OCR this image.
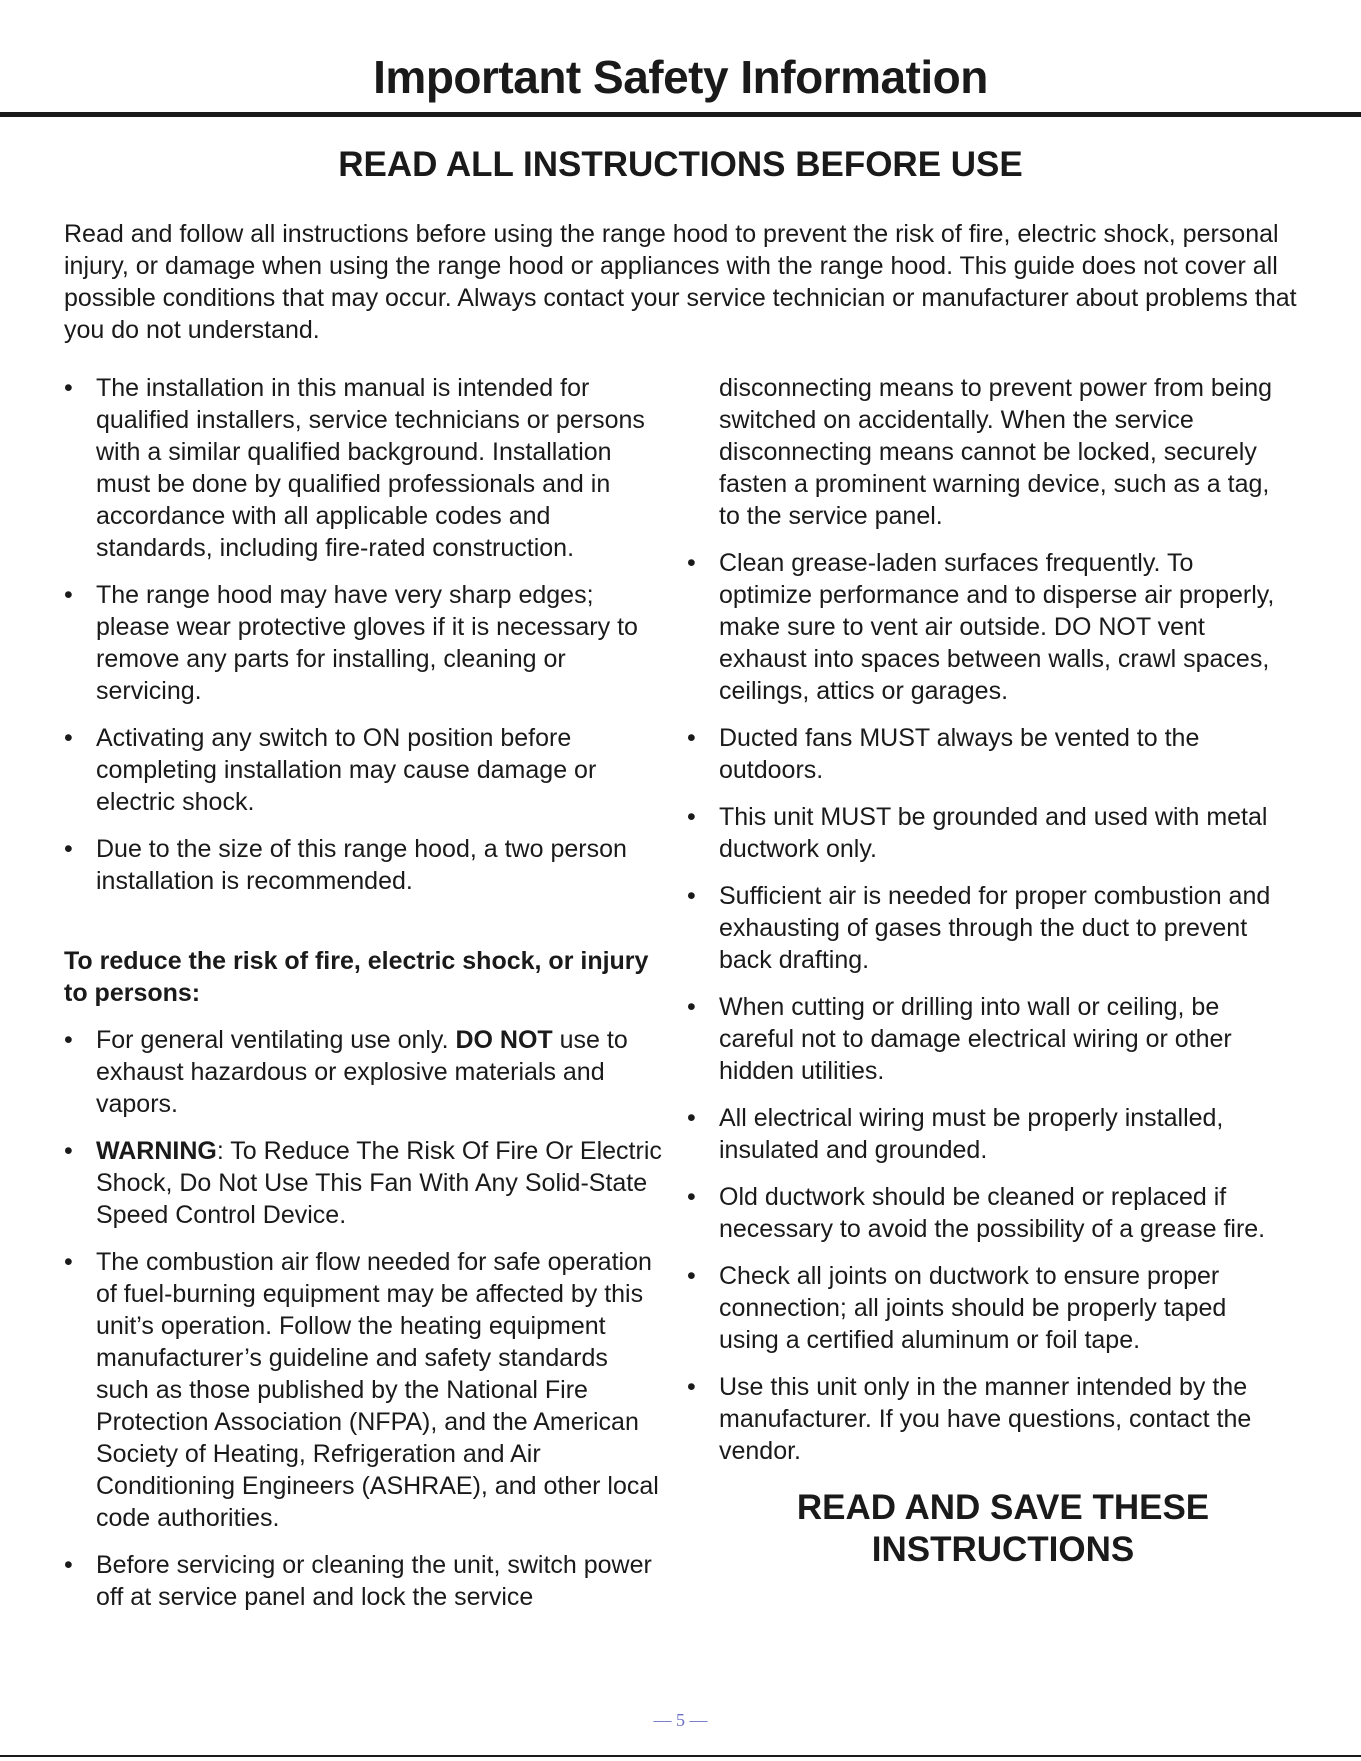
Important Safety Information
READ ALL INSTRUCTIONS BEFORE USE

Read and follow all instructions before using the range hood to prevent the risk of fire, electric shock, personal injury, or damage when using the range hood or appliances with the range hood. This guide does not cover all possible conditions that may occur. Always contact your service technician or manufacturer about problems that you do not understand.

• The installation in this manual is intended for qualified installers, service technicians or persons with a similar qualified background. Installation must be done by qualified professionals and in accordance with all applicable codes and standards, including fire-rated construction.
• The range hood may have very sharp edges; please wear protective gloves if it is necessary to remove any parts for installing, cleaning or servicing.
• Activating any switch to ON position before completing installation may cause damage or electric shock.
• Due to the size of this range hood, a two person installation is recommended.

To reduce the risk of fire, electric shock, or injury to persons:

• For general ventilating use only. DO NOT use to exhaust hazardous or explosive materials and vapors.
• WARNING: To Reduce The Risk Of Fire Or Electric Shock, Do Not Use This Fan With Any Solid-State Speed Control Device.
• The combustion air flow needed for safe operation of fuel-burning equipment may be affected by this unit’s operation. Follow the heating equipment manufacturer’s guideline and safety standards such as those published by the National Fire Protection Association (NFPA), and the American Society of Heating, Refrigeration and Air Conditioning Engineers (ASHRAE), and other local code authorities.
• Before servicing or cleaning the unit, switch power off at service panel and lock the service
disconnecting means to prevent power from being switched on accidentally. When the service disconnecting means cannot be locked, securely fasten a prominent warning device, such as a tag, to the service panel.
• Clean grease-laden surfaces frequently. To optimize performance and to disperse air properly, make sure to vent air outside. DO NOT vent exhaust into spaces between walls, crawl spaces, ceilings, attics or garages.
• Ducted fans MUST always be vented to the outdoors.
• This unit MUST be grounded and used with metal ductwork only.
• Sufficient air is needed for proper combustion and exhausting of gases through the duct to prevent back drafting.
• When cutting or drilling into wall or ceiling, be careful not to damage electrical wiring or other hidden utilities.
• All electrical wiring must be properly installed, insulated and grounded.
• Old ductwork should be cleaned or replaced if necessary to avoid the possibility of a grease fire.
• Check all joints on ductwork to ensure proper connection; all joints should be properly taped using a certified aluminum or foil tape.
• Use this unit only in the manner intended by the manufacturer. If you have questions, contact the vendor.
READ AND SAVE THESE
INSTRUCTIONS
— 5 —
